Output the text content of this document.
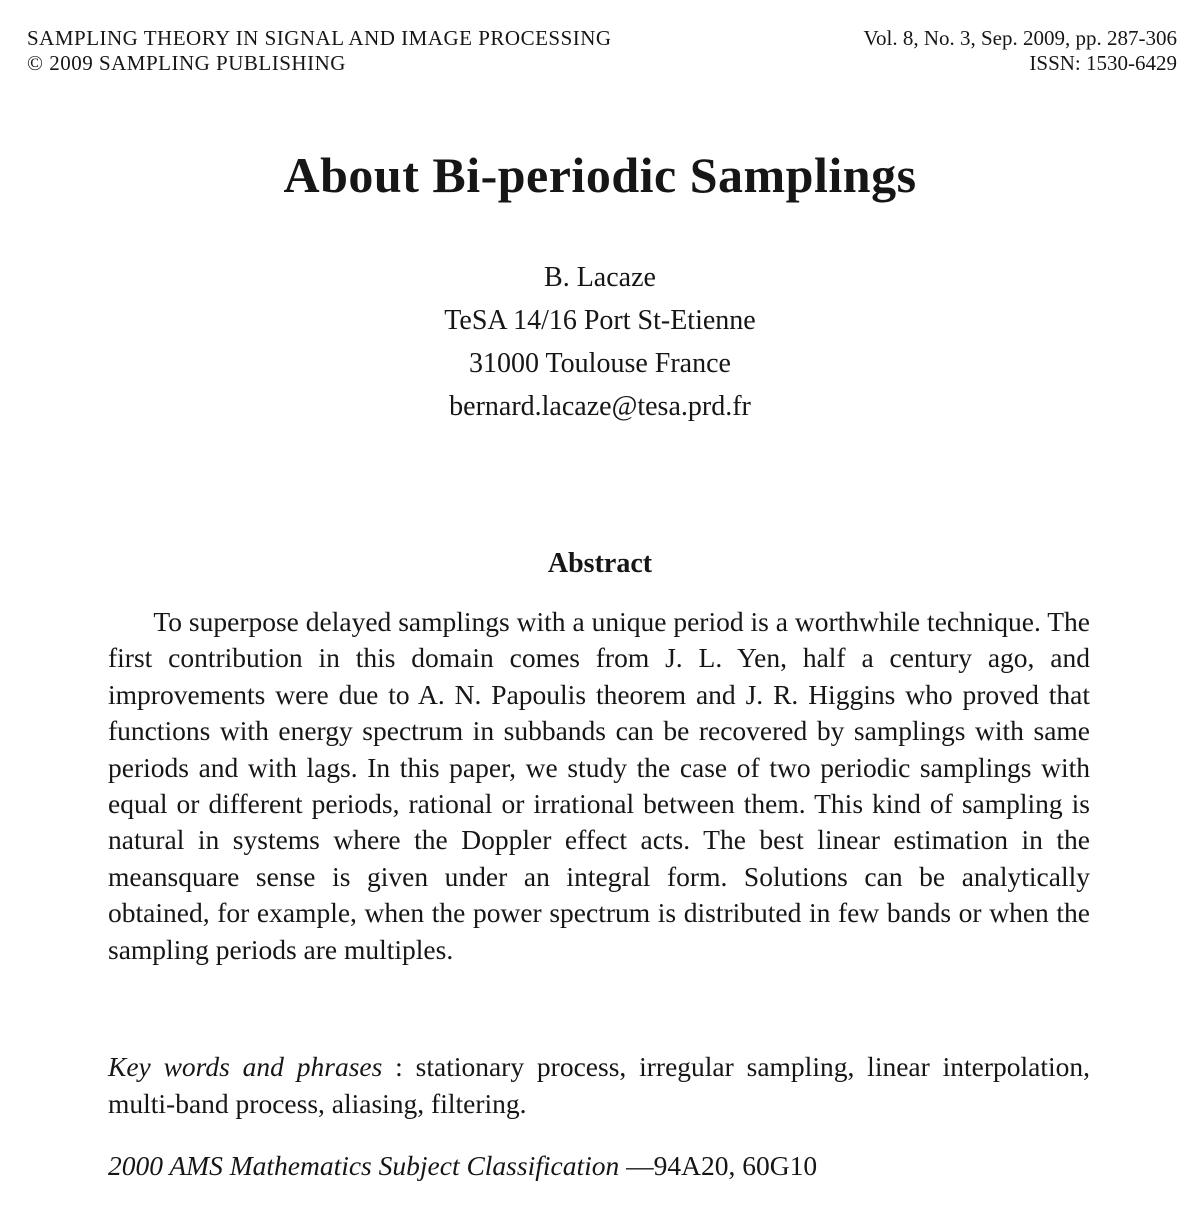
SAMPLING THEORY IN SIGNAL AND IMAGE PROCESSING
© 2009 SAMPLING PUBLISHING
Vol. 8, No. 3, Sep. 2009, pp. 287-306
ISSN: 1530-6429
About Bi-periodic Samplings
B. Lacaze
TeSA 14/16 Port St-Etienne
31000 Toulouse France
bernard.lacaze@tesa.prd.fr
Abstract

To superpose delayed samplings with a unique period is a worthwhile technique. The first contribution in this domain comes from J. L. Yen, half a century ago, and improvements were due to A. N. Papoulis theorem and J. R. Higgins who proved that functions with energy spectrum in subbands can be recovered by samplings with same periods and with lags. In this paper, we study the case of two periodic samplings with equal or different periods, rational or irrational between them. This kind of sampling is natural in systems where the Doppler effect acts. The best linear estimation in the meansquare sense is given under an integral form. Solutions can be analytically obtained, for example, when the power spectrum is distributed in few bands or when the sampling periods are multiples.

Key words and phrases : stationary process, irregular sampling, linear interpolation, multi-band process, aliasing, filtering.

2000 AMS Mathematics Subject Classification —94A20, 60G10
